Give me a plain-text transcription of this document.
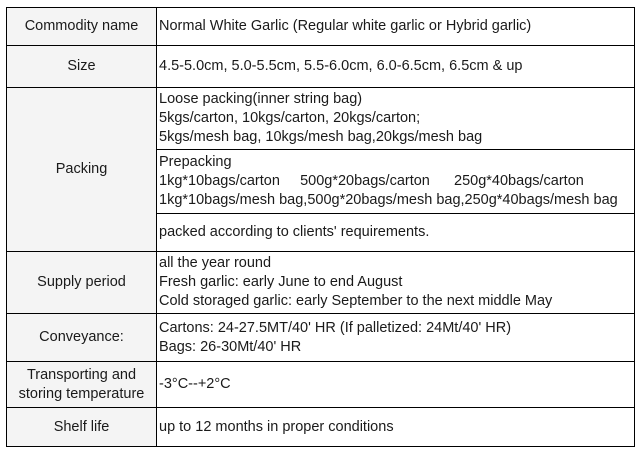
Commodity name	Normal White Garlic (Regular white garlic or Hybrid garlic)
Size	4.5-5.0cm, 5.0-5.5cm, 5.5-6.0cm, 6.0-6.5cm, 6.5cm & up
Packing	Loose packing(inner string bag)
5kgs/carton, 10kgs/carton, 20kgs/carton;
5kgs/mesh bag, 10kgs/mesh bag,20kgs/mesh bag

	Prepacking
1kg*10bags/carton     500g*20bags/carton      250g*40bags/carton
1kg*10bags/mesh bag,500g*20bags/mesh bag,250g*40bags/mesh bag

	packed according to clients' requirements.
Supply period	all the year round
Fresh garlic: early June to end August
Cold storaged garlic: early September to the next middle May

Conveyance:	Cartons: 24-27.5MT/40' HR (If palletized: 24Mt/40' HR)
Bags: 26-30Mt/40' HR

Transporting and
storing temperature	-3°C--+2°C
Shelf life	up to 12 months in proper conditions
